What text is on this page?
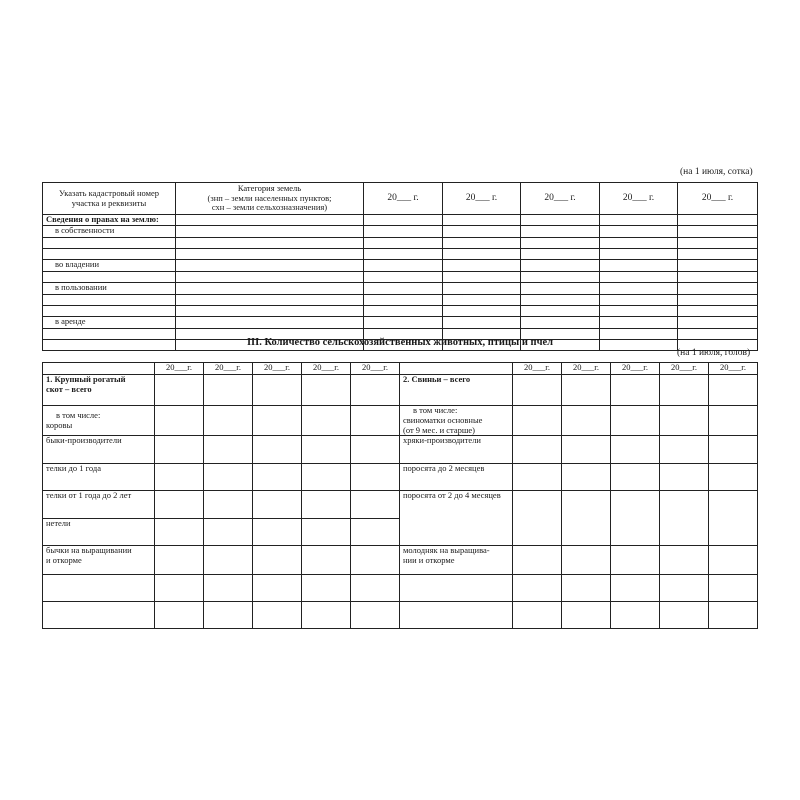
(на 1 июля, сотка)
Указать кадастровый номер
участка и реквизиты	Категория земель
(знп – земли населенных пунктов;
схн – земли сельхозназначения)	20___ г.	20___ г.	20___ г.	20___ г.	20___ г.
Сведения о правах на землю:						
в собственности						

во владении						

в пользовании						

в аренде						

III. Количество сельскохозяйственных животных, птицы и пчел
(на 1 июля, голов)
	20___г.	20___г.	20___г.	20___г.	20___г.		20___г.	20___г.	20___г.	20___г.	20___г.
1. Крупный рогатый
скот – всего						2. Свиньи – всего					
в том числе:
коровы						в том числе:
свиноматки основные
(от 9 мес. и старше)					
быки-производители						хряки-производители					
телки до 1 года						поросята до 2 месяцев					
телки от 1 года до 2 лет						поросята от 2 до 4 месяцев					
нетели											
бычки на выращивании
и откорме						молодняк на выращива-
нии и откорме					
